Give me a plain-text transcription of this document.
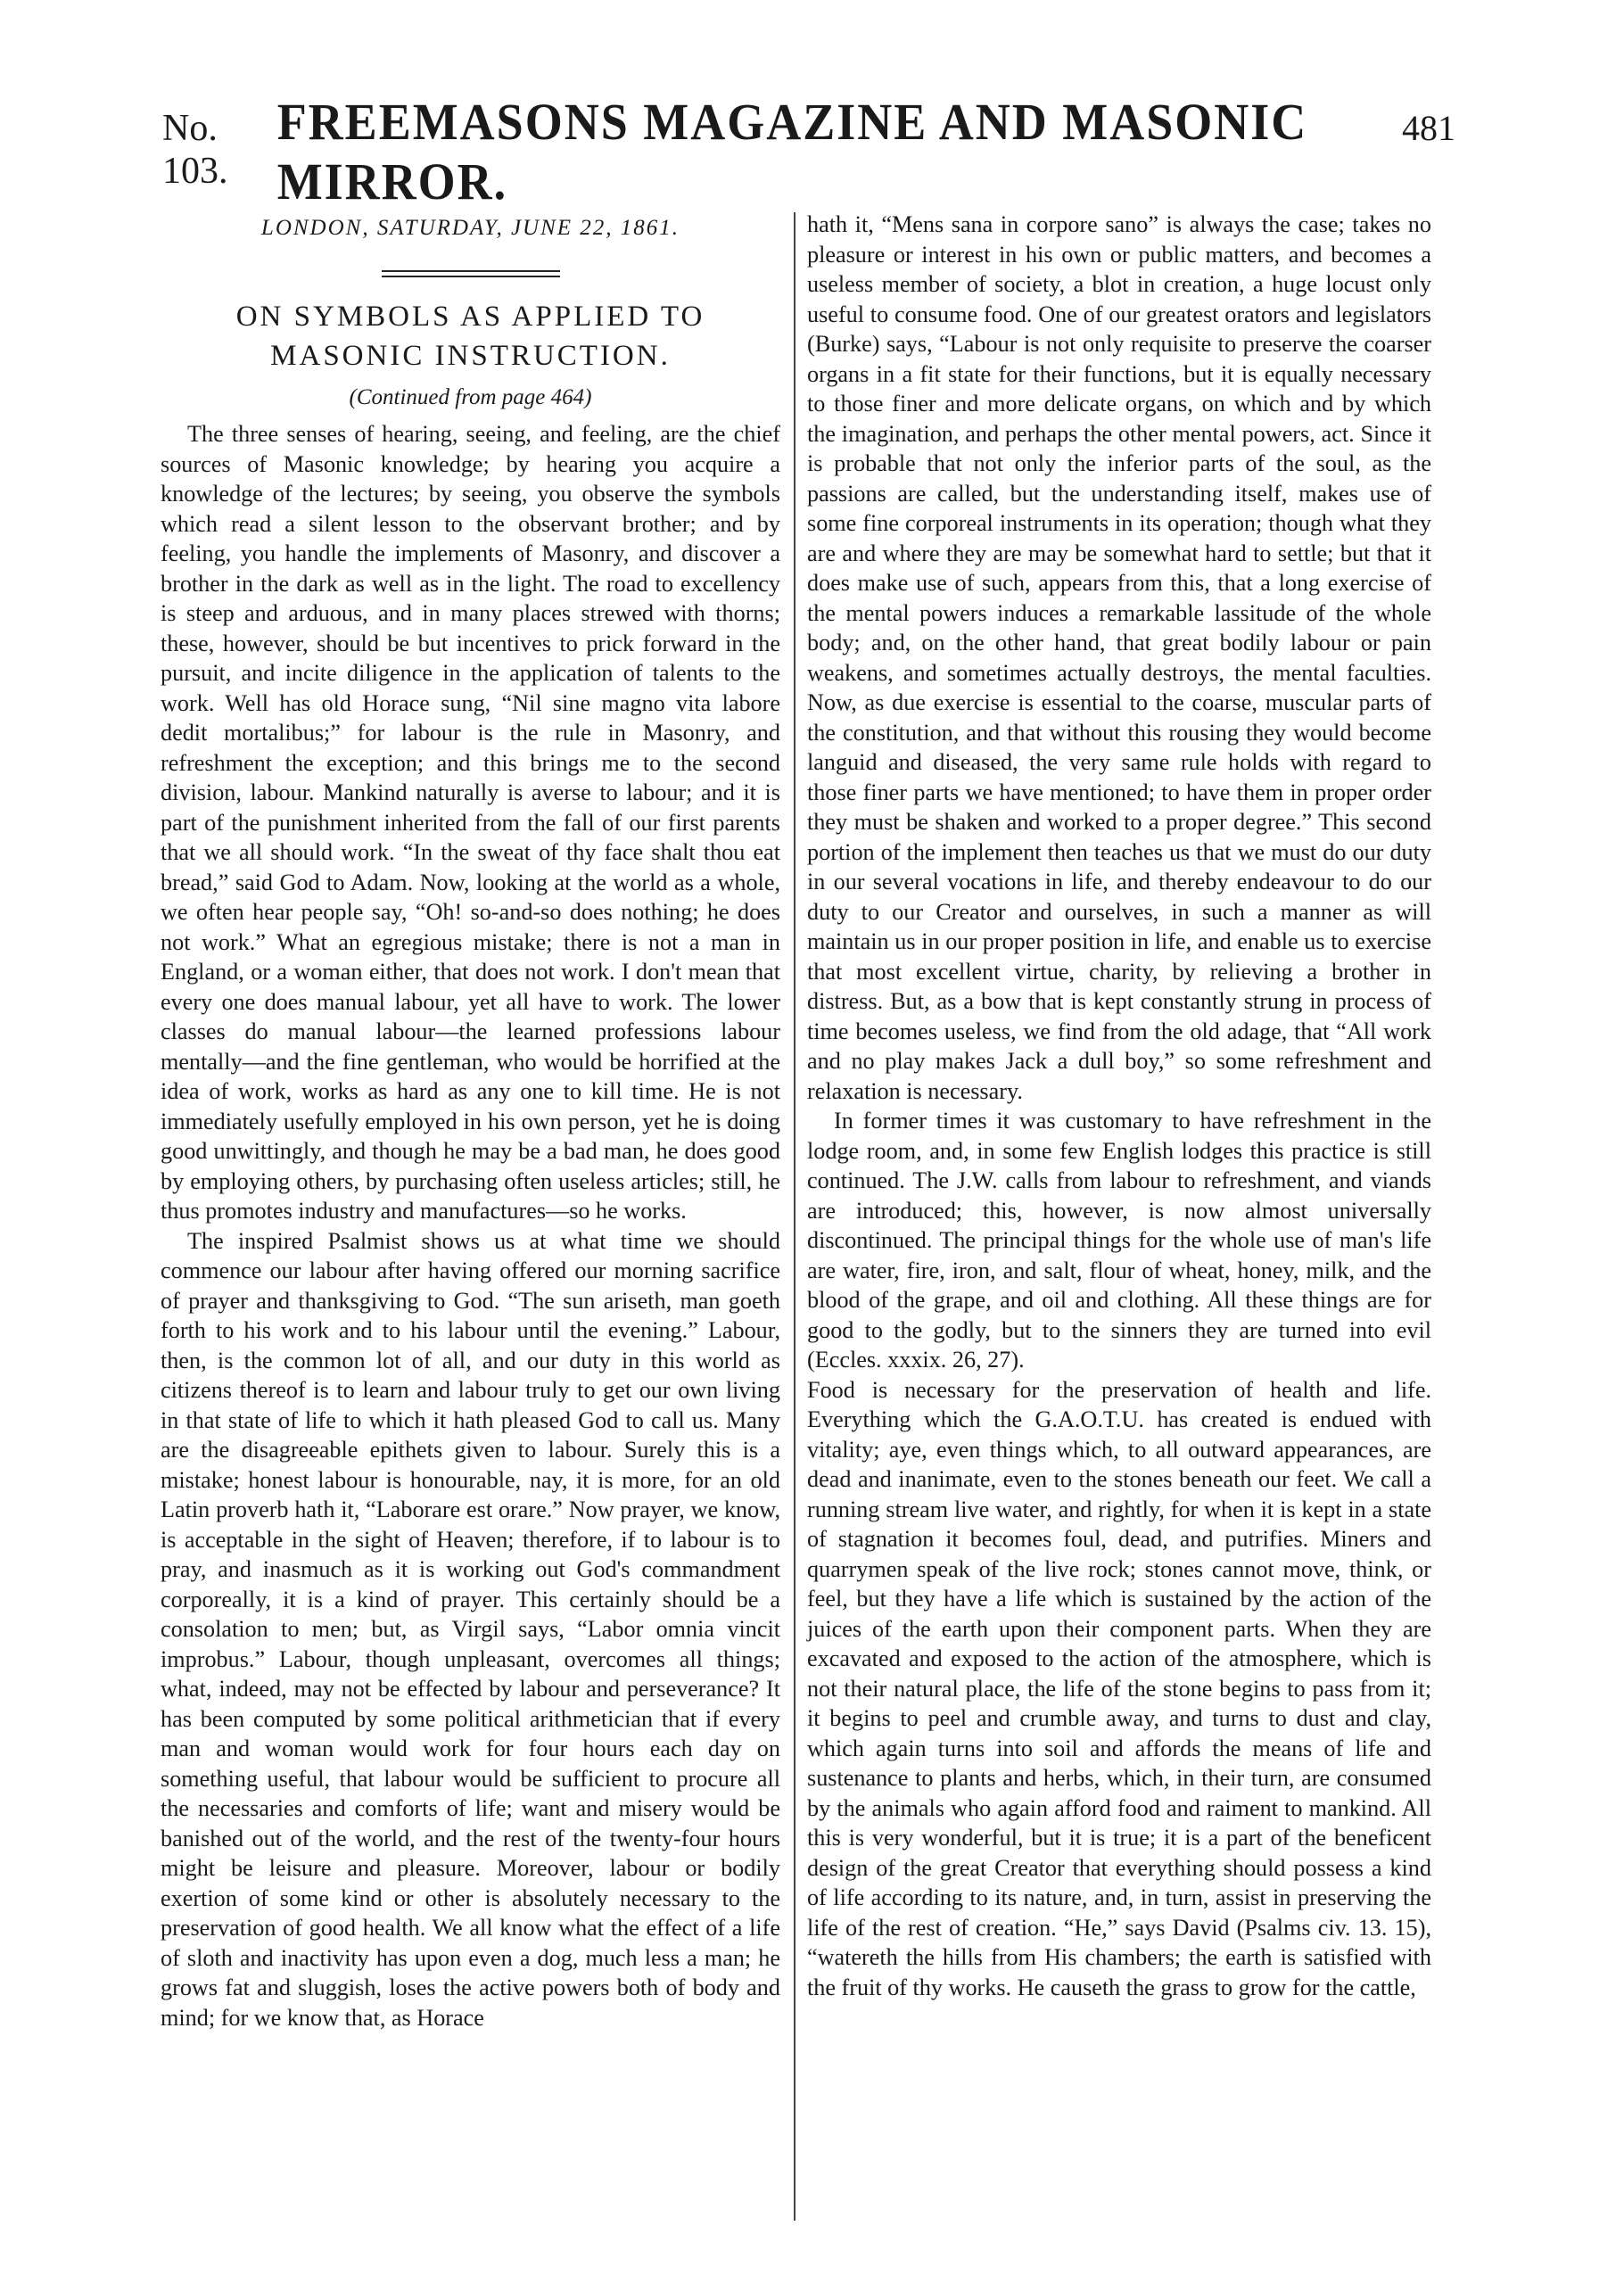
No. 103.
FREEMASONS MAGAZINE AND MASONIC MIRROR.
481
LONDON, SATURDAY, JUNE 22, 1861.
ON SYMBOLS AS APPLIED TO MASONIC INSTRUCTION.
(Continued from page 464)

The three senses of hearing, seeing, and feeling, are the chief sources of Masonic knowledge; by hearing you acquire a knowledge of the lectures; by seeing, you observe the symbols which read a silent lesson to the observant brother; and by feeling, you handle the implements of Masonry, and discover a brother in the dark as well as in the light. The road to excellency is steep and arduous, and in many places strewed with thorns; these, however, should be but incentives to prick forward in the pursuit, and incite diligence in the application of talents to the work. Well has old Horace sung, “Nil sine magno vita labore dedit mortalibus;” for labour is the rule in Masonry, and refreshment the exception; and this brings me to the second division, labour. Mankind naturally is averse to labour; and it is part of the punishment inherited from the fall of our first parents that we all should work. “In the sweat of thy face shalt thou eat bread,” said God to Adam. Now, looking at the world as a whole, we often hear people say, “Oh! so-and-so does nothing; he does not work.” What an egregious mistake; there is not a man in England, or a woman either, that does not work. I don't mean that every one does manual labour, yet all have to work. The lower classes do manual labour—the learned professions labour mentally—and the fine gentleman, who would be horrified at the idea of work, works as hard as any one to kill time. He is not immediately usefully employed in his own person, yet he is doing good unwittingly, and though he may be a bad man, he does good by employing others, by purchasing often useless articles; still, he thus promotes industry and manufactures—so he works.

The inspired Psalmist shows us at what time we should commence our labour after having offered our morning sacrifice of prayer and thanksgiving to God. “The sun ariseth, man goeth forth to his work and to his labour until the evening.” Labour, then, is the common lot of all, and our duty in this world as citizens thereof is to learn and labour truly to get our own living in that state of life to which it hath pleased God to call us. Many are the disagreeable epithets given to labour. Surely this is a mistake; honest labour is honourable, nay, it is more, for an old Latin proverb hath it, “Laborare est orare.” Now prayer, we know, is acceptable in the sight of Heaven; therefore, if to labour is to pray, and inasmuch as it is working out God's commandment corporeally, it is a kind of prayer. This certainly should be a consolation to men; but, as Virgil says, “Labor omnia vincit improbus.” Labour, though unpleasant, overcomes all things; what, indeed, may not be effected by labour and perseverance? It has been computed by some political arithmetician that if every man and woman would work for four hours each day on something useful, that labour would be sufficient to procure all the necessaries and comforts of life; want and misery would be banished out of the world, and the rest of the twenty-four hours might be leisure and pleasure. Moreover, labour or bodily exertion of some kind or other is absolutely necessary to the preservation of good health. We all know what the effect of a life of sloth and inactivity has upon even a dog, much less a man; he grows fat and sluggish, loses the active powers both of body and mind; for we know that, as Horace

hath it, “Mens sana in corpore sano” is always the case; takes no pleasure or interest in his own or public matters, and becomes a useless member of society, a blot in creation, a huge locust only useful to consume food. One of our greatest orators and legislators (Burke) says, “Labour is not only requisite to preserve the coarser organs in a fit state for their functions, but it is equally necessary to those finer and more delicate organs, on which and by which the imagination, and perhaps the other mental powers, act. Since it is probable that not only the inferior parts of the soul, as the passions are called, but the understanding itself, makes use of some fine corporeal instruments in its operation; though what they are and where they are may be somewhat hard to settle; but that it does make use of such, appears from this, that a long exercise of the mental powers induces a remarkable lassitude of the whole body; and, on the other hand, that great bodily labour or pain weakens, and sometimes actually destroys, the mental faculties. Now, as due exercise is essential to the coarse, muscular parts of the constitution, and that without this rousing they would become languid and diseased, the very same rule holds with regard to those finer parts we have mentioned; to have them in proper order they must be shaken and worked to a proper degree.” This second portion of the implement then teaches us that we must do our duty in our several vocations in life, and thereby endeavour to do our duty to our Creator and ourselves, in such a manner as will maintain us in our proper position in life, and enable us to exercise that most excellent virtue, charity, by relieving a brother in distress. But, as a bow that is kept constantly strung in process of time becomes useless, we find from the old adage, that “All work and no play makes Jack a dull boy,” so some refreshment and relaxation is necessary.

In former times it was customary to have refreshment in the lodge room, and, in some few English lodges this practice is still continued. The J.W. calls from labour to refreshment, and viands are introduced; this, however, is now almost universally discontinued. The principal things for the whole use of man's life are water, fire, iron, and salt, flour of wheat, honey, milk, and the blood of the grape, and oil and clothing. All these things are for good to the godly, but to the sinners they are turned into evil (Eccles. xxxix. 26, 27).

Food is necessary for the preservation of health and life. Everything which the G.A.O.T.U. has created is endued with vitality; aye, even things which, to all outward appearances, are dead and inanimate, even to the stones beneath our feet. We call a running stream live water, and rightly, for when it is kept in a state of stagnation it becomes foul, dead, and putrifies. Miners and quarrymen speak of the live rock; stones cannot move, think, or feel, but they have a life which is sustained by the action of the juices of the earth upon their component parts. When they are excavated and exposed to the action of the atmosphere, which is not their natural place, the life of the stone begins to pass from it; it begins to peel and crumble away, and turns to dust and clay, which again turns into soil and affords the means of life and sustenance to plants and herbs, which, in their turn, are consumed by the animals who again afford food and raiment to mankind. All this is very wonderful, but it is true; it is a part of the beneficent design of the great Creator that everything should possess a kind of life according to its nature, and, in turn, assist in preserving the life of the rest of creation. “He,” says David (Psalms civ. 13. 15), “watereth the hills from His chambers; the earth is satisfied with the fruit of thy works. He causeth the grass to grow for the cattle,
